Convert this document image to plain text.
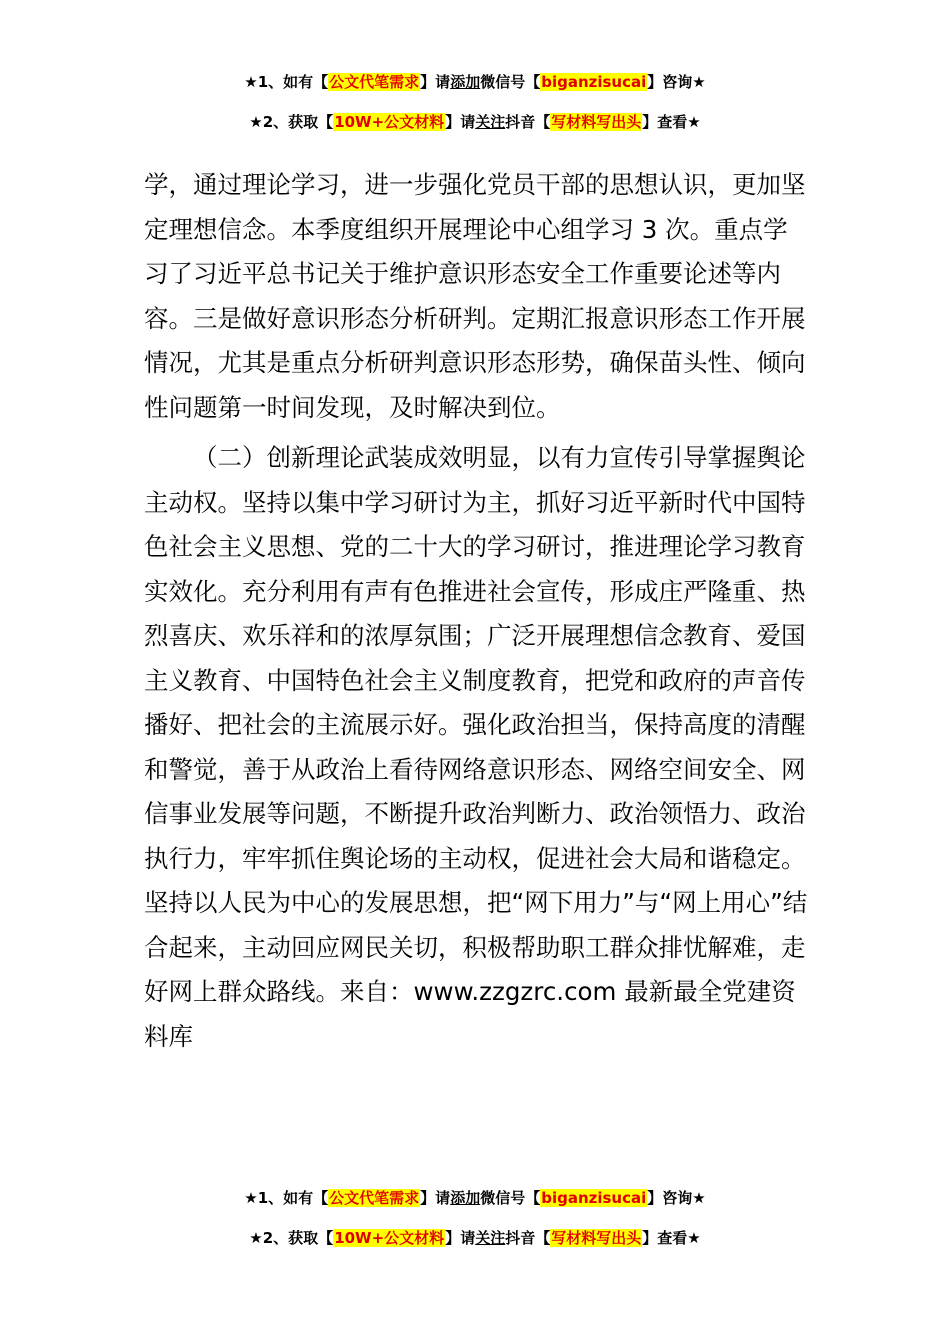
★1、如有【公文代笔需求】请添加微信号【biganzisucai】咨询★
★2、获取【10W+公文材料】请关注抖音【写材料写出头】查看★

学，通过理论学习，进一步强化党员干部的思想认识，更加坚定理想信念。本季度组织开展理论中心组学习 3 次。重点学习了习近平总书记关于维护意识形态安全工作重要论述等内容。三是做好意识形态分析研判。定期汇报意识形态工作开展情况，尤其是重点分析研判意识形态形势，确保苗头性、倾向性问题第一时间发现，及时解决到位。

（二）创新理论武装成效明显，以有力宣传引导掌握舆论主动权。坚持以集中学习研讨为主，抓好习近平新时代中国特色社会主义思想、党的二十大的学习研讨，推进理论学习教育实效化。充分利用有声有色推进社会宣传，形成庄严隆重、热烈喜庆、欢乐祥和的浓厚氛围；广泛开展理想信念教育、爱国主义教育、中国特色社会主义制度教育，把党和政府的声音传播好、把社会的主流展示好。强化政治担当，保持高度的清醒和警觉，善于从政治上看待网络意识形态、网络空间安全、网信事业发展等问题，不断提升政治判断力、政治领悟力、政治执行力，牢牢抓住舆论场的主动权，促进社会大局和谐稳定。坚持以人民为中心的发展思想，把“网下用力”与“网上用心”结合起来，主动回应网民关切，积极帮助职工群众排忧解难，走好网上群众路线。来自：www.zzgzrc.com 最新最全党建资料库

★1、如有【公文代笔需求】请添加微信号【biganzisucai】咨询★
★2、获取【10W+公文材料】请关注抖音【写材料写出头】查看★
